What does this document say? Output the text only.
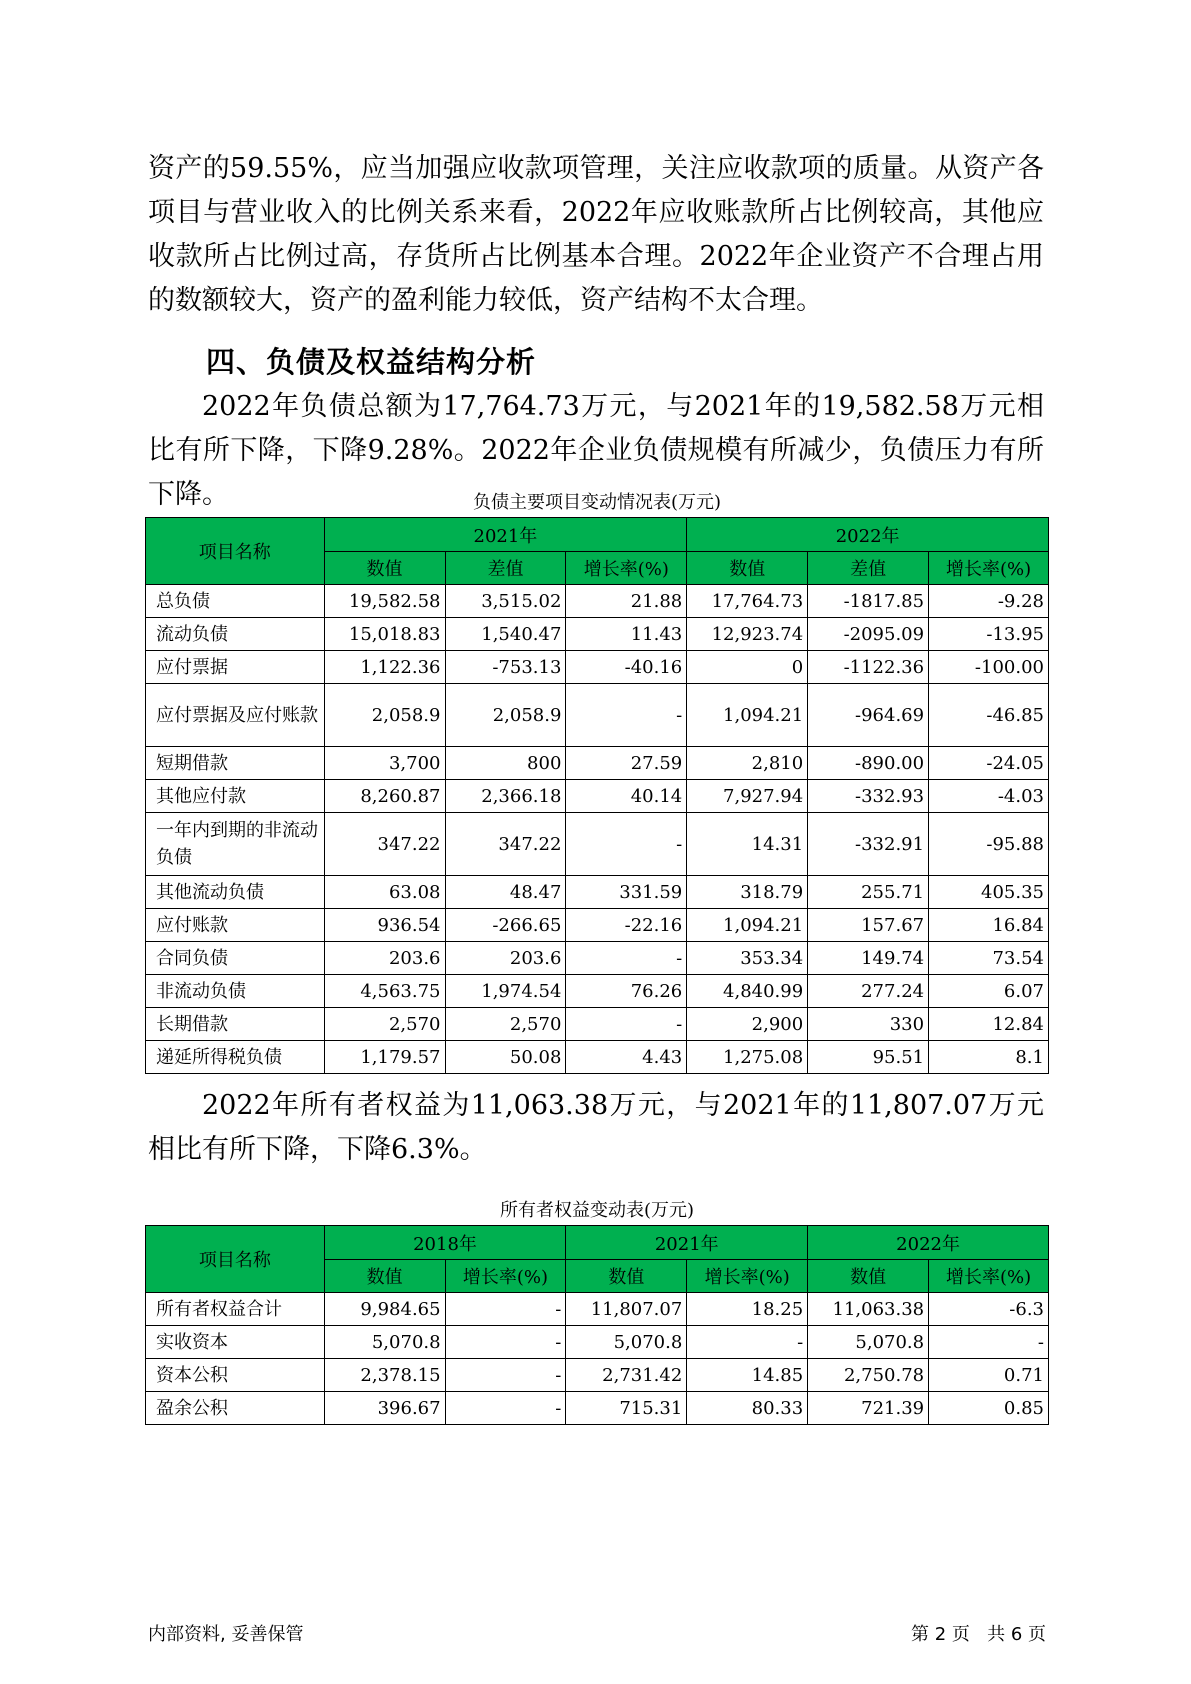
资产的59.55%，应当加强应收款项管理，关注应收款项的质量。从资产各项目与营业收入的比例关系来看，2022年应收账款所占比例较高，其他应收款所占比例过高，存货所占比例基本合理。2022年企业资产不合理占用的数额较大，资产的盈利能力较低，资产结构不太合理。

四、负债及权益结构分析

2022年负债总额为17,764.73万元，与2021年的19,582.58万元相比有所下降，下降9.28%。2022年企业负债规模有所减少，负债压力有所下降。	负债主要项目变动情况表(万元)
项目名称	2021年			2022年		
	数值	差值	增长率(%)	数值	差值	增长率(%)
总负债	19,582.58	3,515.02	21.88	17,764.73	-1817.85	-9.28
流动负债	15,018.83	1,540.47	11.43	12,923.74	-2095.09	-13.95
应付票据	1,122.36	-753.13	-40.16	0	-1122.36	-100.00
应付票据及应付账款	2,058.9	2,058.9	-	1,094.21	-964.69	-46.85
短期借款	3,700	800	27.59	2,810	-890.00	-24.05
其他应付款	8,260.87	2,366.18	40.14	7,927.94	-332.93	-4.03
一年内到期的非流动负债	347.22	347.22	-	14.31	-332.91	-95.88
其他流动负债	63.08	48.47	331.59	318.79	255.71	405.35
应付账款	936.54	-266.65	-22.16	1,094.21	157.67	16.84
合同负债	203.6	203.6	-	353.34	149.74	73.54
非流动负债	4,563.75	1,974.54	76.26	4,840.99	277.24	6.07
长期借款	2,570	2,570	-	2,900	330	12.84
递延所得税负债	1,179.57	50.08	4.43	1,275.08	95.51	8.1

2022年所有者权益为11,063.38万元，与2021年的11,807.07万元相比有所下降，下降6.3%。

所有者权益变动表(万元)
项目名称	2018年		2021年		2022年	
	数值	增长率(%)	数值	增长率(%)	数值	增长率(%)
所有者权益合计	9,984.65	-	11,807.07	18.25	11,063.38	-6.3
实收资本	5,070.8	-	5,070.8	-	5,070.8	-
资本公积	2,378.15	-	2,731.42	14.85	2,750.78	0.71
盈余公积	396.67	-	715.31	80.33	721.39	0.85
内部资料, 妥善保管	第 2 页   共 6 页
